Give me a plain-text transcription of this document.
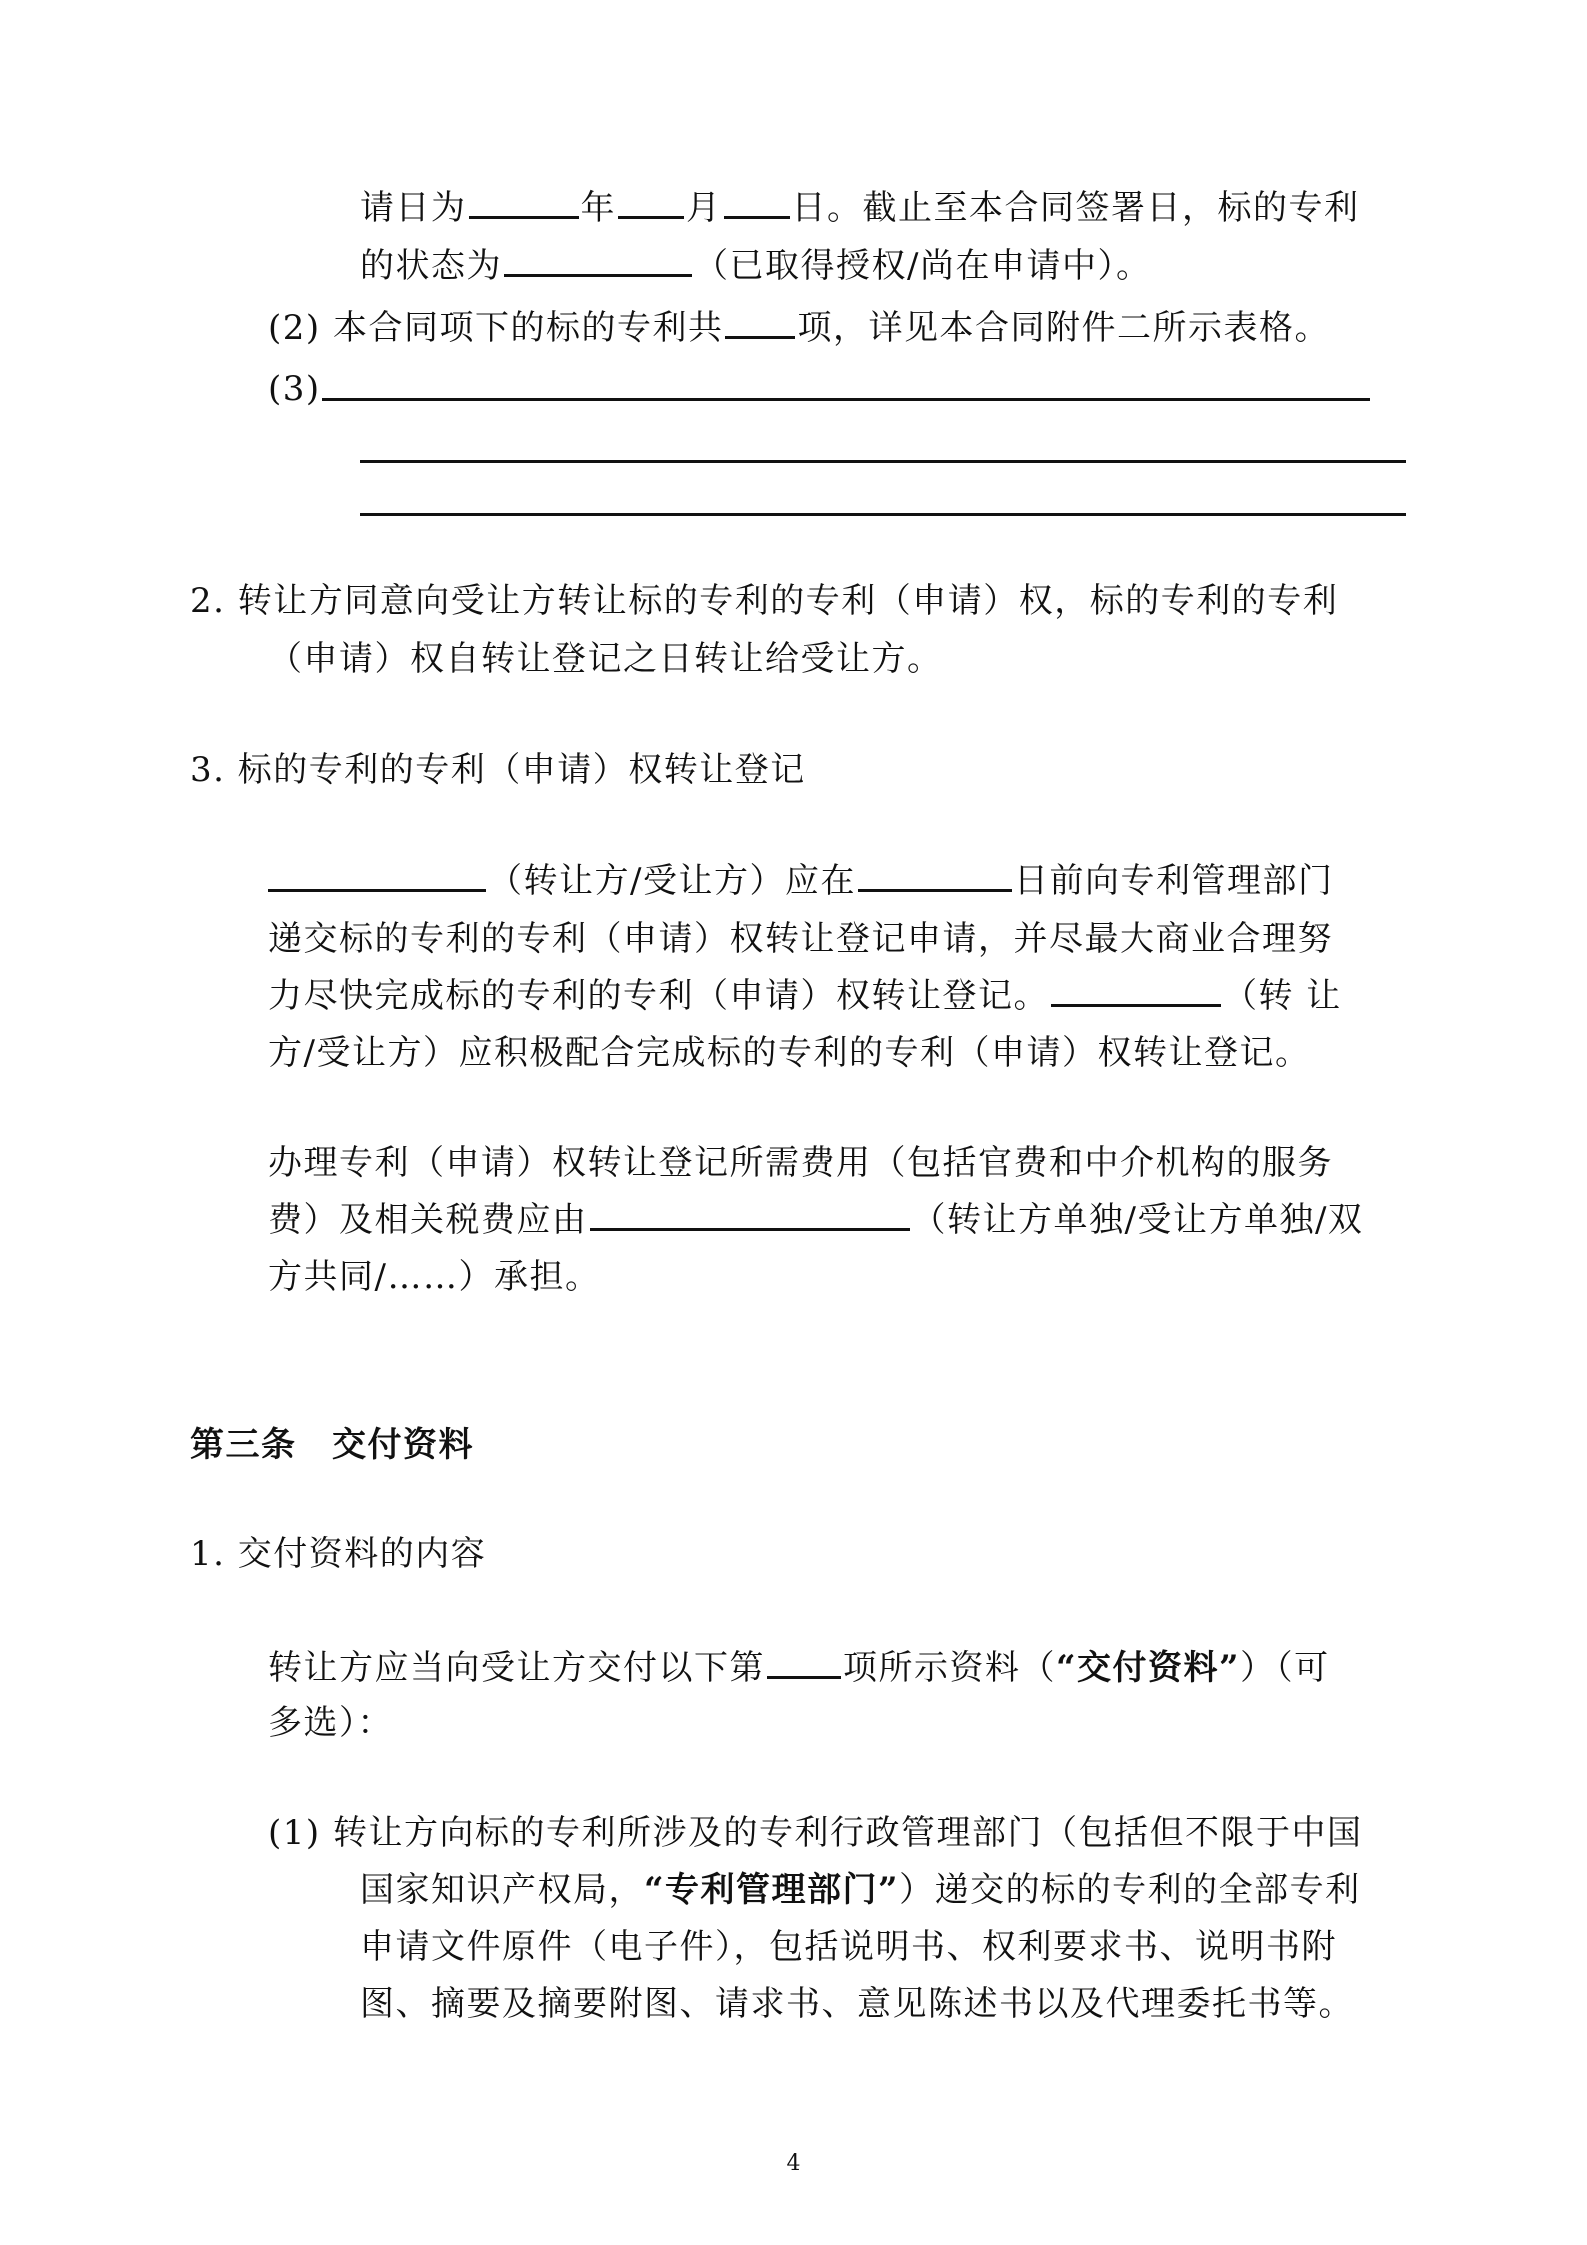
请日为	年 月 日。截止至本合同签署日，标的专利
的状态为	（已取得授权/尚在申请中）。
(2) 本合同项下的标的专利共 项，详见本合同附件二所示表格。
(3)
2. 转让方同意向受让方转让标的专利的专利（申请）权，标的专利的专利
（申请）权自转让登记之日转让给受让方。
3. 标的专利的专利（申请）权转让登记
（转让方/受让方）应在	日前向专利管理部门
递交标的专利的专利（申请）权转让登记申请，并尽最大商业合理努
力尽快完成标的专利的专利（申请）权转让登记。	（转 让
方/受让方）应积极配合完成标的专利的专利（申请）权转让登记。
办理专利（申请）权转让登记所需费用（包括官费和中介机构的服务
费）及相关税费应由	（转让方单独/受让方单独/双
方共同/……）承担。
第三条　交付资料
1. 交付资料的内容
转让方应当向受让方交付以下第 项所示资料（“交付资料”）（可
多选）：
(1) 转让方向标的专利所涉及的专利行政管理部门（包括但不限于中国
国家知识产权局，“专利管理部门”）递交的标的专利的全部专利
申请文件原件（电子件），包括说明书、权利要求书、说明书附
图、摘要及摘要附图、请求书、意见陈述书以及代理委托书等。
4
